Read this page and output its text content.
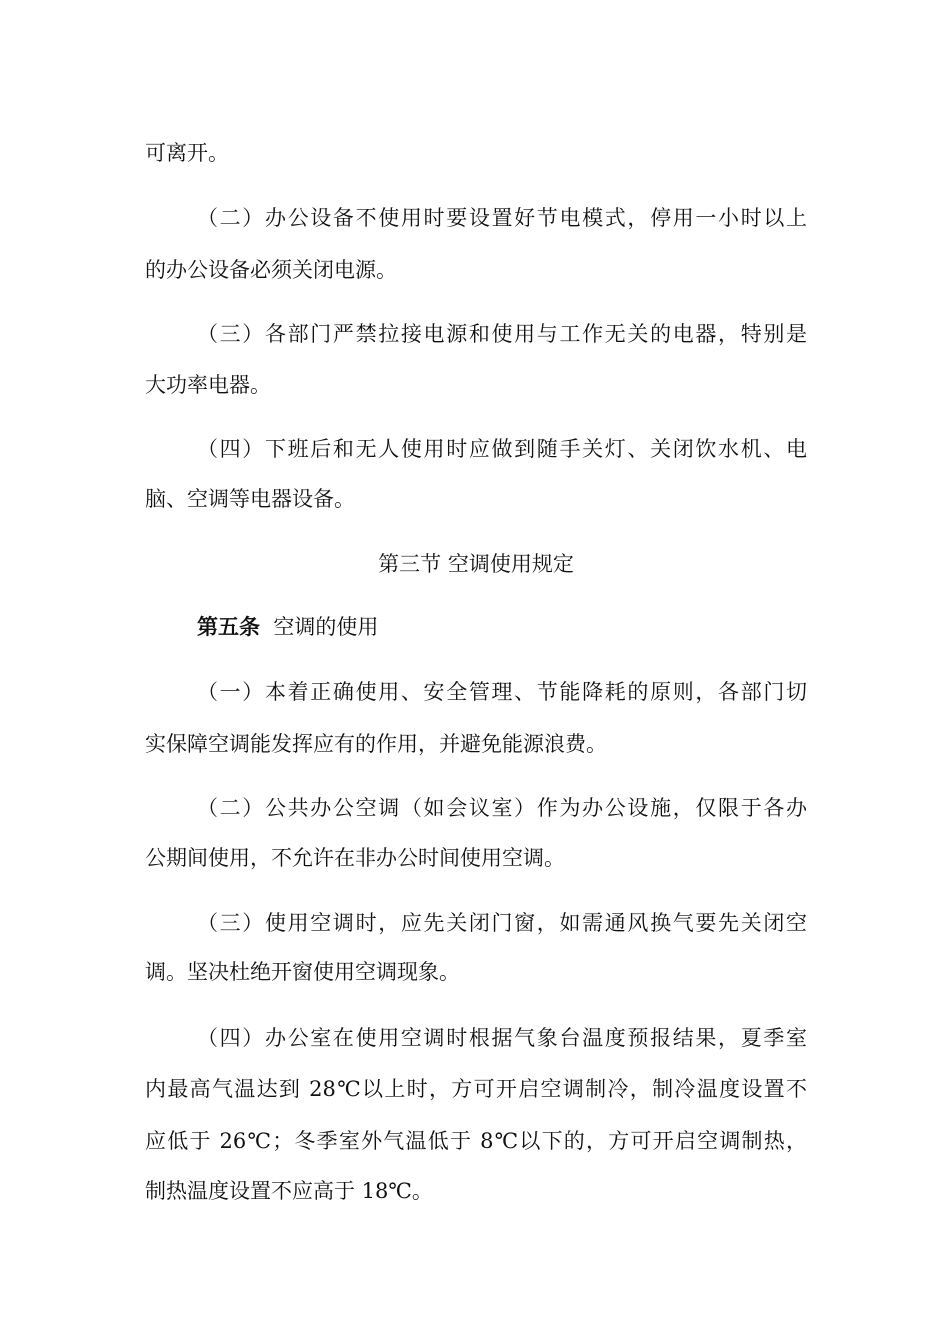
可离开。
（二）办公设备不使用时要设置好节电模式，停用一小时以上
的办公设备必须关闭电源。
（三）各部门严禁拉接电源和使用与工作无关的电器，特别是
大功率电器。
（四）下班后和无人使用时应做到随手关灯、关闭饮水机、电
脑、空调等电器设备。
第三节 空调使用规定
第五条 空调的使用
（一）本着正确使用、安全管理、节能降耗的原则，各部门切
实保障空调能发挥应有的作用，并避免能源浪费。
（二）公共办公空调（如会议室）作为办公设施，仅限于各办
公期间使用，不允许在非办公时间使用空调。
（三）使用空调时，应先关闭门窗，如需通风换气要先关闭空
调。坚决杜绝开窗使用空调现象。
（四）办公室在使用空调时根据气象台温度预报结果，夏季室
内最高气温达到 28℃以上时，方可开启空调制冷，制冷温度设置不
应低于 26℃；冬季室外气温低于 8℃以下的，方可开启空调制热，
制热温度设置不应高于 18℃。
